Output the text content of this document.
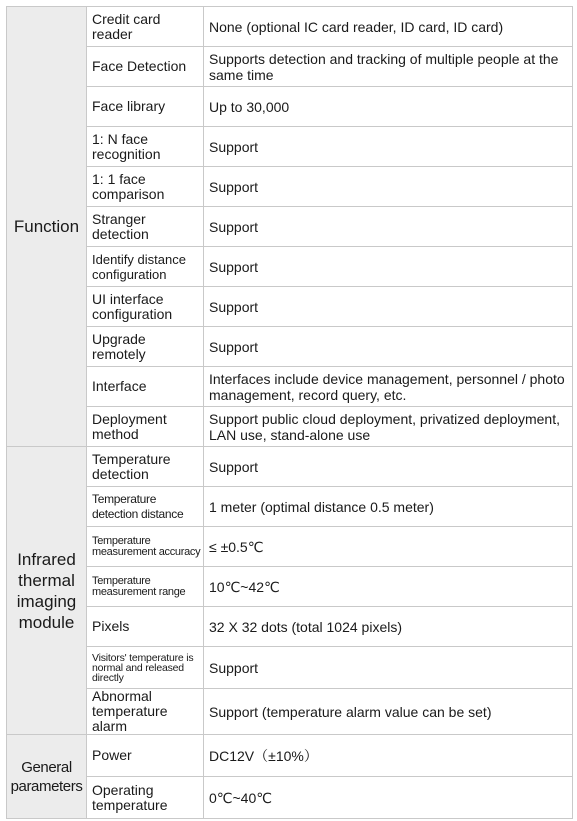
Function	Credit card reader	None (optional IC card reader, ID card, ID card)
	Face Detection	Supports detection and tracking of multiple people at the same time
	Face library	Up to 30,000
	1: N face recognition	Support
	1: 1 face comparison	Support
	Stranger detection	Support
	Identify distance configuration	Support
	UI interface configuration	Support
	Upgrade remotely	Support
	Interface	Interfaces include device management, personnel / photo management, record query, etc.
	Deployment method	Support public cloud deployment, privatized deployment, LAN use, stand-alone use

Infrared
thermal
imaging
module	Temperature detection	Support
	Temperature detection distance	1 meter (optimal distance 0.5 meter)
	Temperature measurement accuracy	≤ ±0.5℃
	Temperature measurement range	10℃~42℃
	Pixels	32 X 32 dots (total 1024 pixels)
	Visitors' temperature is normal and released directly	Support
	Abnormal temperature alarm	Support (temperature alarm value can be set)

General
parameters	Power	DC12V（±10%）
	Operating temperature	0℃~40℃
